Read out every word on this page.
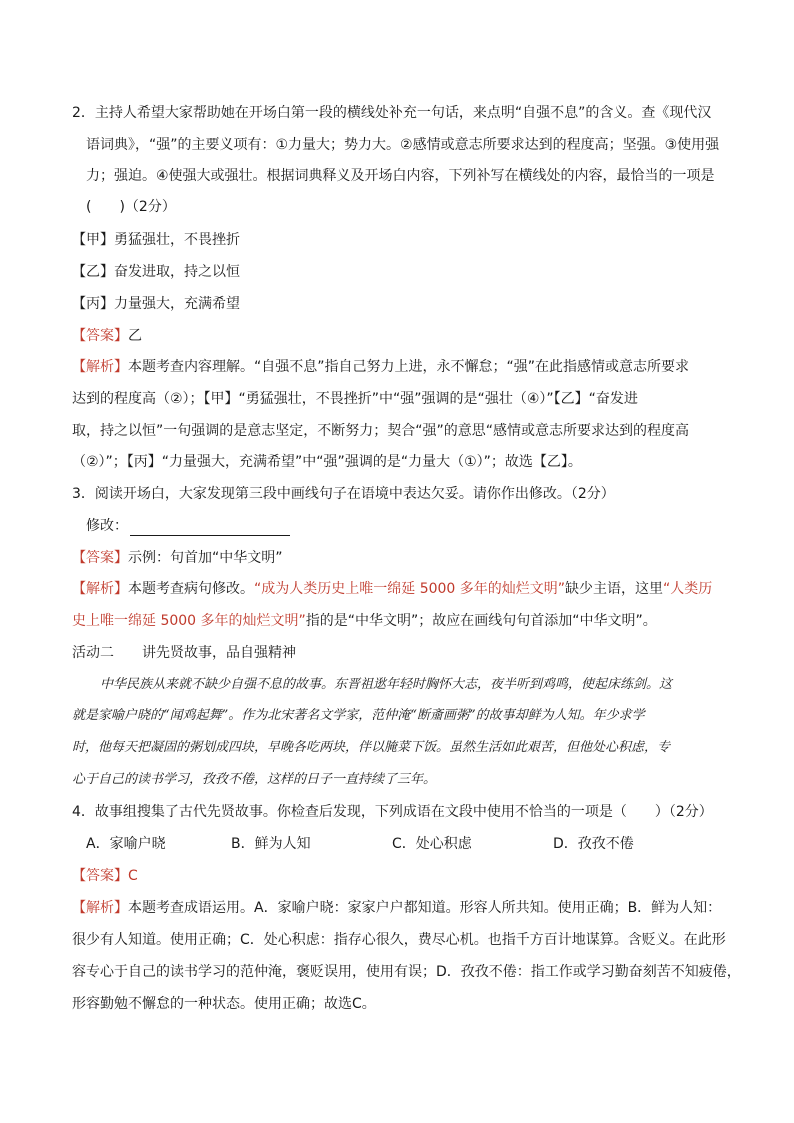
2．主持人希望大家帮助她在开场白第一段的横线处补充一句话，来点明“自强不息”的含义。查《现代汉
语词典》，“强”的主要义项有：①力量大；势力大。②感情或意志所要求达到的程度高；坚强。③使用强
力；强迫。④使强大或强壮。根据词典释义及开场白内容，下列补写在横线处的内容，最恰当的一项是
(　　)（2分）
【甲】勇猛强壮，不畏挫折
【乙】奋发进取，持之以恒
【丙】力量强大，充满希望
【答案】乙
【解析】本题考查内容理解。“自强不息”指自己努力上进，永不懈怠；“强”在此指感情或意志所要求
达到的程度高（②）；【甲】“勇猛强壮，不畏挫折”中“强”强调的是“强壮（④）”【乙】“奋发进
取，持之以恒”一句强调的是意志坚定，不断努力；契合“强”的意思“感情或意志所要求达到的程度高
（②）”；【丙】“力量强大，充满希望”中“强”强调的是“力量大（①）”；故选【乙】。
3．阅读开场白，大家发现第三段中画线句子在语境中表达欠妥。请你作出修改。（2分）
修改：
【答案】示例：句首加“中华文明”
【解析】本题考查病句修改。“成为人类历史上唯一绵延 5000 多年的灿烂文明”缺少主语，这里“人类历
史上唯一绵延 5000 多年的灿烂文明”指的是“中华文明”；故应在画线句句首添加“中华文明”。
活动二　　讲先贤故事，品自强精神
中华民族从来就不缺少自强不息的故事。东晋祖逖年轻时胸怀大志，夜半听到鸡鸣，使起床练剑。这
就是家喻户晓的“闻鸡起舞”。作为北宋著名文学家，范仲淹“断齑画粥”的故事却鲜为人知。年少求学
时，他每天把凝固的粥划成四块，早晚各吃两块，伴以腌菜下饭。虽然生活如此艰苦，但他处心积虑，专
心于自己的读书学习，孜孜不倦，这样的日子一直持续了三年。
4．故事组搜集了古代先贤故事。你检查后发现，下列成语在文段中使用不恰当的一项是（　　）（2分）
A．家喻户晓	B．鲜为人知	C．处心积虑	D．孜孜不倦
【答案】C
【解析】本题考查成语运用。A．家喻户晓：家家户户都知道。形容人所共知。使用正确；B．鲜为人知：
很少有人知道。使用正确；C．处心积虑：指存心很久，费尽心机。也指千方百计地谋算。含贬义。在此形
容专心于自己的读书学习的范仲淹，褒贬误用，使用有误；D．孜孜不倦：指工作或学习勤奋刻苦不知疲倦，
形容勤勉不懈怠的一种状态。使用正确；故选C。
